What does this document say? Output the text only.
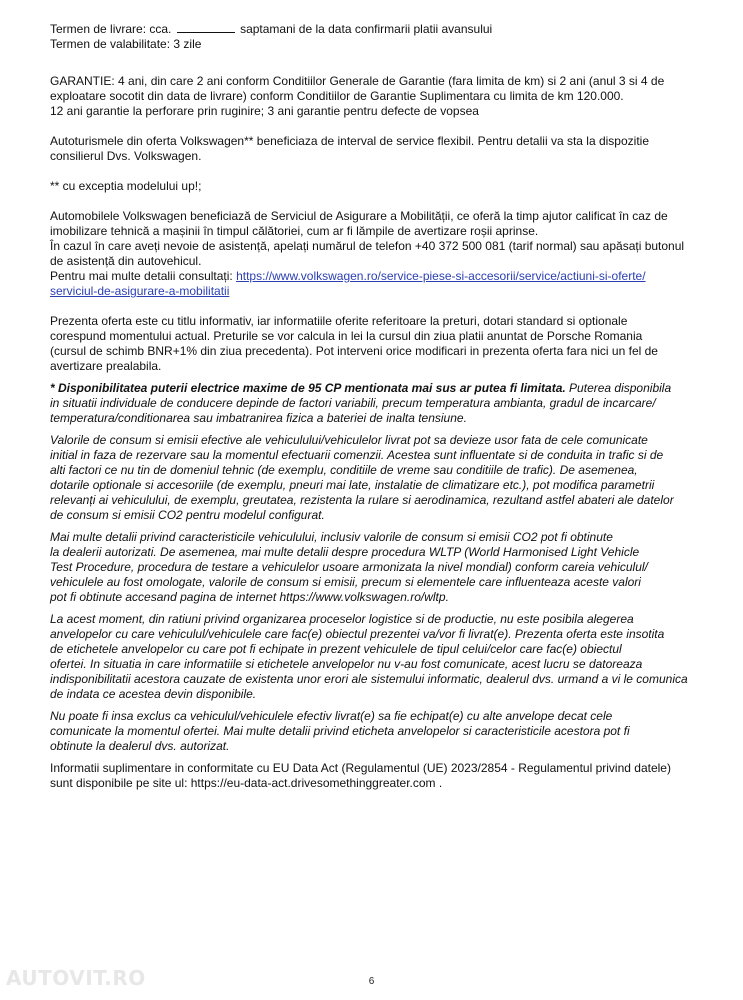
Termen de livrare: cca.	saptamani de la data confirmarii platii avansului
Termen de valabilitate: 3 zile
GARANTIE: 4 ani, din care 2 ani conform Conditiilor Generale de Garantie (fara limita de km) si 2 ani (anul 3 si 4 de
exploatare socotit din data de livrare) conform Conditiilor de Garantie Suplimentara cu limita de km 120.000.
12 ani garantie la perforare prin ruginire; 3 ani garantie pentru defecte de vopsea
Autoturismele din oferta Volkswagen** beneficiaza de interval de service flexibil. Pentru detalii va sta la dispozitie
consilierul Dvs. Volkswagen.
** cu exceptia modelului up!;
Automobilele Volkswagen beneficiază de Serviciul de Asigurare a Mobilității, ce oferă la timp ajutor calificat în caz de
imobilizare tehnică a mașinii în timpul călătoriei, cum ar fi lămpile de avertizare roșii aprinse.
În cazul în care aveți nevoie de asistență, apelați numărul de telefon +40 372 500 081 (tarif normal) sau apăsați butonul
de asistență din autovehicul.
Pentru mai multe detalii consultați: https://www.volkswagen.ro/service-piese-si-accesorii/service/actiuni-si-oferte/
serviciul-de-asigurare-a-mobilitatii
Prezenta oferta este cu titlu informativ, iar informatiile oferite referitoare la preturi, dotari standard si optionale
corespund momentului actual. Preturile se vor calcula in lei la cursul din ziua platii anuntat de Porsche Romania
(cursul de schimb BNR+1% din ziua precedenta). Pot interveni orice modificari in prezenta oferta fara nici un fel de
avertizare prealabila.
* Disponibilitatea puterii electrice maxime de 95 CP mentionata mai sus ar putea fi limitata. Puterea disponibila
in situatii individuale de conducere depinde de factori variabili, precum temperatura ambianta, gradul de incarcare/
temperatura/conditionarea sau imbatranirea fizica a bateriei de inalta tensiune.
Valorile de consum si emisii efective ale vehiculului/vehiculelor livrat pot sa devieze usor fata de cele comunicate
initial in faza de rezervare sau la momentul efectuarii comenzii. Acestea sunt influentate si de conduita in trafic si de
alti factori ce nu tin de domeniul tehnic (de exemplu, conditiile de vreme sau conditiile de trafic). De asemenea,
dotarile optionale si accesoriile (de exemplu, pneuri mai late, instalatie de climatizare etc.), pot modifica parametrii
relevanți ai vehiculului, de exemplu, greutatea, rezistenta la rulare si aerodinamica, rezultand astfel abateri ale datelor
de consum si emisii CO2 pentru modelul configurat.
Mai multe detalii privind caracteristicile vehiculului, inclusiv valorile de consum si emisii CO2 pot fi obtinute
la dealerii autorizati. De asemenea, mai multe detalii despre procedura WLTP (World Harmonised Light Vehicle
Test Procedure, procedura de testare a vehiculelor usoare armonizata la nivel mondial) conform careia vehiculul/
vehiculele au fost omologate, valorile de consum si emisii, precum si elementele care influenteaza aceste valori
pot fi obtinute accesand pagina de internet https://www.volkswagen.ro/wltp.
La acest moment, din ratiuni privind organizarea proceselor logistice si de productie, nu este posibila alegerea
anvelopelor cu care vehiculul/vehiculele care fac(e) obiectul prezentei va/vor fi livrat(e). Prezenta oferta este insotita
de etichetele anvelopelor cu care pot fi echipate in prezent vehiculele de tipul celui/celor care fac(e) obiectul
ofertei. In situatia in care informatiile si etichetele anvelopelor nu v-au fost comunicate, acest lucru se datoreaza
indisponibilitatii acestora cauzate de existenta unor erori ale sistemului informatic, dealerul dvs. urmand a vi le comunica
de indata ce acestea devin disponibile.
Nu poate fi insa exclus ca vehiculul/vehiculele efectiv livrat(e) sa fie echipat(e) cu alte anvelope decat cele
comunicate la momentul ofertei. Mai multe detalii privind eticheta anvelopelor si caracteristicile acestora pot fi
obtinute la dealerul dvs. autorizat.
Informatii suplimentare in conformitate cu EU Data Act (Regulamentul (UE) 2023/2854 - Regulamentul privind datele)
sunt disponibile pe site ul: https://eu-data-act.drivesomethinggreater.com .
6
AUTOVIT.RO
